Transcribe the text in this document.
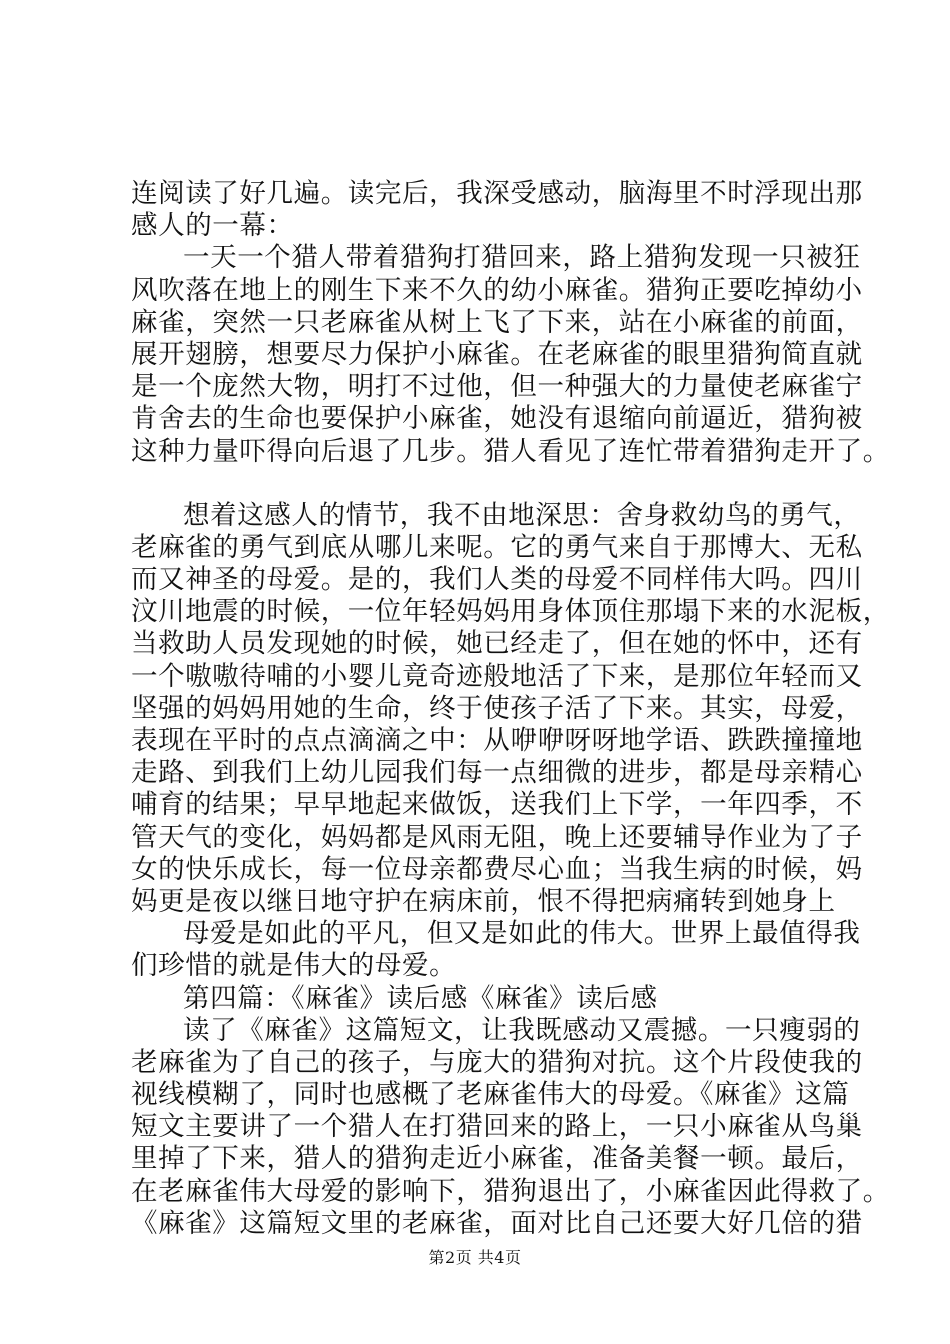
连阅读了好几遍。读完后，我深受感动，脑海里不时浮现出那
感人的一幕：
一天一个猎人带着猎狗打猎回来，路上猎狗发现一只被狂
风吹落在地上的刚生下来不久的幼小麻雀。猎狗正要吃掉幼小
麻雀，突然一只老麻雀从树上飞了下来，站在小麻雀的前面，
展开翅膀，想要尽力保护小麻雀。在老麻雀的眼里猎狗简直就
是一个庞然大物，明打不过他，但一种强大的力量使老麻雀宁
肯舍去的生命也要保护小麻雀，她没有退缩向前逼近，猎狗被
这种力量吓得向后退了几步。猎人看见了连忙带着猎狗走开了。
想着这感人的情节，我不由地深思：舍身救幼鸟的勇气，
老麻雀的勇气到底从哪儿来呢。它的勇气来自于那博大、无私
而又神圣的母爱。是的，我们人类的母爱不同样伟大吗。四川
汶川地震的时候，一位年轻妈妈用身体顶住那塌下来的水泥板，
当救助人员发现她的时候，她已经走了，但在她的怀中，还有
一个嗷嗷待哺的小婴儿竟奇迹般地活了下来，是那位年轻而又
坚强的妈妈用她的生命，终于使孩子活了下来。其实，母爱，
表现在平时的点点滴滴之中：从咿咿呀呀地学语、跌跌撞撞地
走路、到我们上幼儿园我们每一点细微的进步，都是母亲精心
哺育的结果；早早地起来做饭，送我们上下学，一年四季，不
管天气的变化，妈妈都是风雨无阻，晚上还要辅导作业为了子
女的快乐成长，每一位母亲都费尽心血；当我生病的时候，妈
妈更是夜以继日地守护在病床前，恨不得把病痛转到她身上
母爱是如此的平凡，但又是如此的伟大。世界上最值得我
们珍惜的就是伟大的母爱。
第四篇：《麻雀》读后感《麻雀》读后感
读了《麻雀》这篇短文，让我既感动又震撼。一只瘦弱的
老麻雀为了自己的孩子，与庞大的猎狗对抗。这个片段使我的
视线模糊了，同时也感概了老麻雀伟大的母爱。《麻雀》这篇
短文主要讲了一个猎人在打猎回来的路上，一只小麻雀从鸟巢
里掉了下来，猎人的猎狗走近小麻雀，准备美餐一顿。最后，
在老麻雀伟大母爱的影响下，猎狗退出了，小麻雀因此得救了。
《麻雀》这篇短文里的老麻雀，面对比自己还要大好几倍的猎
第2页 共4页
